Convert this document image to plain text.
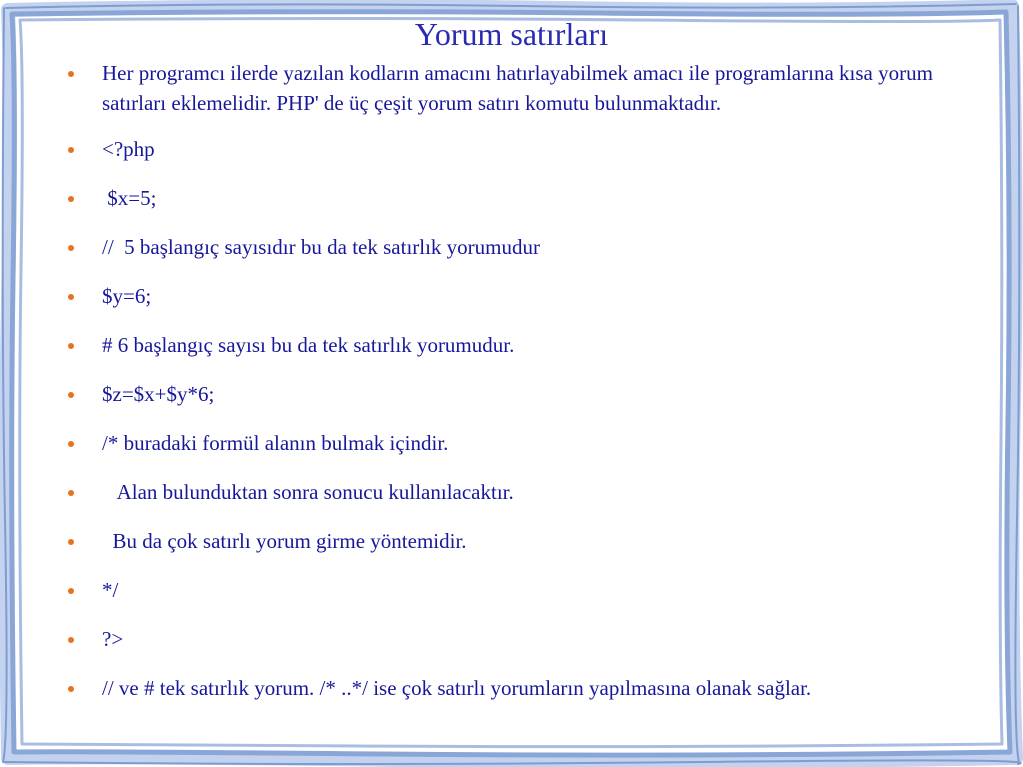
Yorum satırları
Her programcı ilerde yazılan kodların amacını hatırlayabilmek amacı ile programlarına kısa yorum satırları eklemelidir. PHP' de üç çeşit yorum satırı komutu bulunmaktadır.
<?php
$x=5;
//  5 başlangıç sayısıdır bu da tek satırlık yorumudur
$y=6;
# 6 başlangıç sayısı bu da tek satırlık yorumudur.
$z=$x+$y*6;
/* buradaki formül alanın bulmak içindir.
Alan bulunduktan sonra sonucu kullanılacaktır.
Bu da çok satırlı yorum girme yöntemidir.
*/
?>
// ve # tek satırlık yorum. /* ..*/ ise çok satırlı yorumların yapılmasına olanak sağlar.
